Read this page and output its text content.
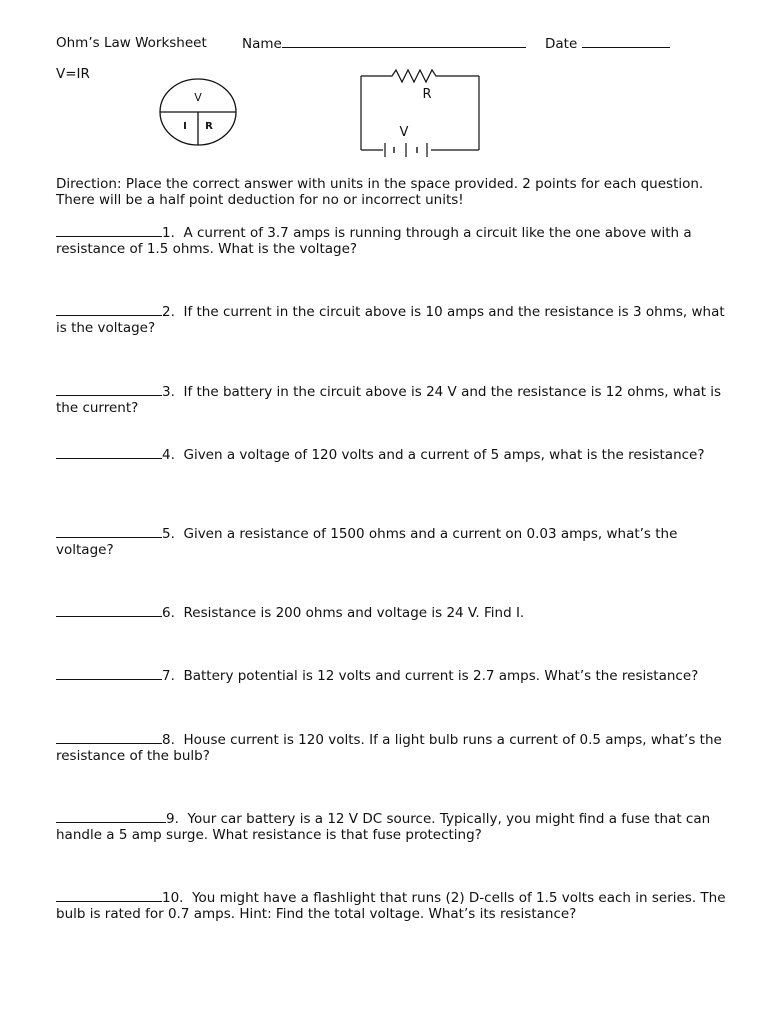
Ohm’s Law Worksheet	Name	Date
V=IR
V
I R
R
V
Direction: Place the correct answer with units in the space provided. 2 points for each question. There will be a half point deduction for no or incorrect units!
1. A current of 3.7 amps is running through a circuit like the one above with a resistance of 1.5 ohms. What is the voltage?
2. If the current in the circuit above is 10 amps and the resistance is 3 ohms, what is the voltage?
3. If the battery in the circuit above is 24 V and the resistance is 12 ohms, what is the current?
4. Given a voltage of 120 volts and a current of 5 amps, what is the resistance?
5. Given a resistance of 1500 ohms and a current on 0.03 amps, what’s the voltage?
6. Resistance is 200 ohms and voltage is 24 V. Find I.
7. Battery potential is 12 volts and current is 2.7 amps. What’s the resistance?
8. House current is 120 volts. If a light bulb runs a current of 0.5 amps, what’s the resistance of the bulb?
9. Your car battery is a 12 V DC source. Typically, you might find a fuse that can handle a 5 amp surge. What resistance is that fuse protecting?
10. You might have a flashlight that runs (2) D-cells of 1.5 volts each in series. The bulb is rated for 0.7 amps. Hint: Find the total voltage. What’s its resistance?
